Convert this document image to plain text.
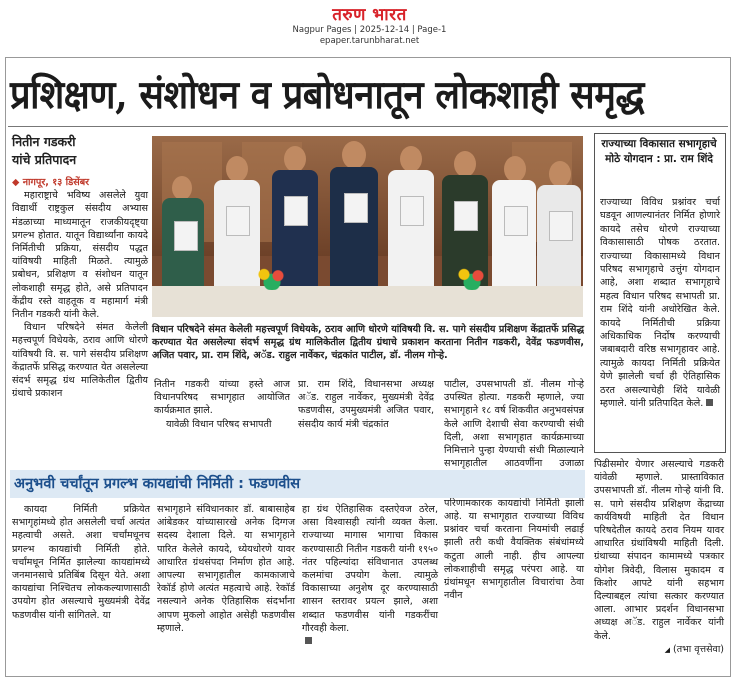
तरुण भारत
Nagpur Pages | 2025-12-14 | Page-1
epaper.tarunbharat.net
प्रशिक्षण, संशोधन व प्रबोधनातून लोकशाही समृद्ध
नितीन गडकरी
यांचे प्रतिपादन
◆ नागपूर, १३ डिसेंबर

महाराष्ट्राचे भविष्य असलेले युवा विद्यार्थी राष्ट्रकुल संसदीय अभ्यास मंडळाच्या माध्यमातून राजकीयदृष्ट्या प्रगल्भ होतात. यातून विद्यार्थ्यांना कायदे निर्मितीची प्रक्रिया, संसदीय पद्धत यांविषयी माहिती मिळते. त्यामुळे प्रबोधन, प्रशिक्षण व संशोधन यातून लोकशाही समृद्ध होते, असे प्रतिपादन केंद्रीय रस्ते वाहतूक व महामार्ग मंत्री नितीन गडकरी यांनी केले.

विधान परिषदेने संमत केलेली महत्त्वपूर्ण विधेयके, ठराव आणि धोरणे यांविषयी वि. स. पागे संसदीय प्रशिक्षण केंद्रातर्फे प्रसिद्ध करण्यात येत असलेल्या संदर्भ समृद्ध ग्रंथ मालिकेतील द्वितीय ग्रंथाचे प्रकाशन

विधान परिषदेने संमत केलेली महत्त्वपूर्ण विधेयके, ठराव आणि धोरणे यांविषयी वि. स. पागे संसदीय प्रशिक्षण केंद्रातर्फे प्रसिद्ध करण्यात येत असलेल्या संदर्भ समृद्ध ग्रंथ मालिकेतील द्वितीय ग्रंथाचे प्रकाशन करताना नितीन गडकरी, देवेंद्र फडणवीस, अजित पवार, प्रा. राम शिंदे, अॅड. राहुल नार्वेकर, चंद्रकांत पाटील, डॉ. नीलम गोऱ्हे.

नितीन गडकरी यांच्या हस्ते आज विधानपरिषद सभागृहात आयोजित कार्यक्रमात झाले.

यावेळी विधान परिषद सभापती

प्रा. राम शिंदे, विधानसभा अध्यक्ष अॅड. राहुल नार्वेकर, मुख्यमंत्री देवेंद्र फडणवीस, उपमुख्यमंत्री अजित पवार, संसदीय कार्य मंत्री चंद्रकांत

पाटील, उपसभापती डॉ. नीलम गोऱ्हे उपस्थित होत्या. गडकरी म्हणाले, ज्या सभागृहाने १८ वर्ष शिकवीत अनुभवसंपन्न केले आणि देशाची सेवा करण्याची संधी दिली, अशा सभागृहात कार्यक्रमाच्या निमित्ताने पुन्हा येण्याची संधी मिळाल्याने सभागृहातील आठवणींना उजाळा परिणामकारक कायद्यांची निर्मिती झाली आहे. या सभागृहात राज्याच्या विविध प्रश्नांवर चर्चा करताना नियमांची लढाई झाली तरी कधी वैयक्तिक संबंधांमध्ये कटुता आली नाही. हीच आपल्या लोकशाहीची समृद्ध परंपरा आहे. या ग्रंथांमधून सभागृहातील विचारांचा ठेवा नवीन

पिढीसमोर येणार असल्याचे गडकरी यांवेळी म्हणाले. प्रास्ताविकात उपसभापती डॉ. नीलम गोऱ्हे यांनी वि. स. पागे संसदीय प्रशिक्षण केंद्राच्या कार्यविषयी माहिती देत विधान परिषदेतील कायदे ठराव नियम यावर आधारित ग्रंथांविषयी माहिती दिली. ग्रंथाच्या संपादन कामामध्ये पत्रकार योगेश त्रिवेदी, विलास मुकादम व किशोर आपटे यांनी सहभाग दिल्याबद्दल त्यांचा सत्कार करण्यात आला. आभार प्रदर्शन विधानसभा अध्यक्ष अॅड. राहुल नार्वेकर यांनी केले.

◢ (तभा वृत्तसेवा)
राज्याच्या विकासात सभागृहाचे मोठे योगदान : प्रा. राम शिंदे
राज्याच्या विविध प्रश्नांवर चर्चा घडवून आणल्यानंतर निर्मित होणारे कायदे तसेच धोरणे राज्याच्या विकासासाठी पोषक ठरतात. राज्याच्या विकासामध्ये विधान परिषद सभागृहाचे उत्तुंग योगदान आहे, अशा शब्दात सभागृहाचे महत्व विधान परिषद सभापती प्रा. राम शिंदे यांनी अधोरेखित केले. कायदे निर्मितीची प्रक्रिया अधिकाधिक निर्दोष करण्याची जबाबदारी वरिष्ठ सभागृहावर आहे. त्यामुळे कायदा निर्मिती प्रक्रियेत येणे झालेली चर्चा ही ऐतिहासिक ठरत असल्याचेही शिंदे यावेळी म्हणाले. यांनी प्रतिपादित केले.
अनुभवी चर्चांतून प्रगल्भ कायद्यांची निर्मिती : फडणवीस

कायदा निर्मिती प्रक्रियेत सभागृहांमध्ये होत असलेली चर्चा अत्यंत महत्वाची असते. अशा चर्चांमधूनच प्रगल्भ कायद्यांची निर्मिती होते. चर्चांमधून निर्मित झालेल्या कायद्यांमध्ये जनमानसाचे प्रतिबिंब दिसून येते. अशा कायद्यांचा निश्चितच लोककल्याणासाठी उपयोग होत असल्याचे मुख्यमंत्री देवेंद्र फडणवीस यांनी सांगितले. या

सभागृहाने संविधानकार डॉ. बाबासाहेब आंबेडकर यांच्यासारखे अनेक दिग्गज सदस्य देशाला दिले. या सभागृहाने पारित केलेले कायदे, ध्येयधोरणे यावर आधारित ग्रंथसंपदा निर्माण होत आहे. आपल्या सभागृहातील कामकाजाचे रेकॉर्ड होणे अत्यंत महत्वाचे आहे. रेकॉर्ड नसल्याने अनेक ऐतिहासिक संदर्भांना आपण मुकलो आहोत असेही फडणवीस म्हणाले.

हा ग्रंथ ऐतिहासिक दस्तऐवज ठरेल, असा विश्वासही त्यांनी व्यक्त केला. राज्याच्या मागास भागाचा विकास करण्यासाठी नितीन गडकरी यांनी १९५० नंतर पहिल्यांदा संविधानात उपलब्ध कलमांचा उपयोग केला. त्यामुळे विकासाच्या अनुशेष दूर करण्यासाठी शासन स्तरावर प्रयत्न झाले, अशा शब्दात फडणवीस यांनी गडकरींचा गौरवही केला.
